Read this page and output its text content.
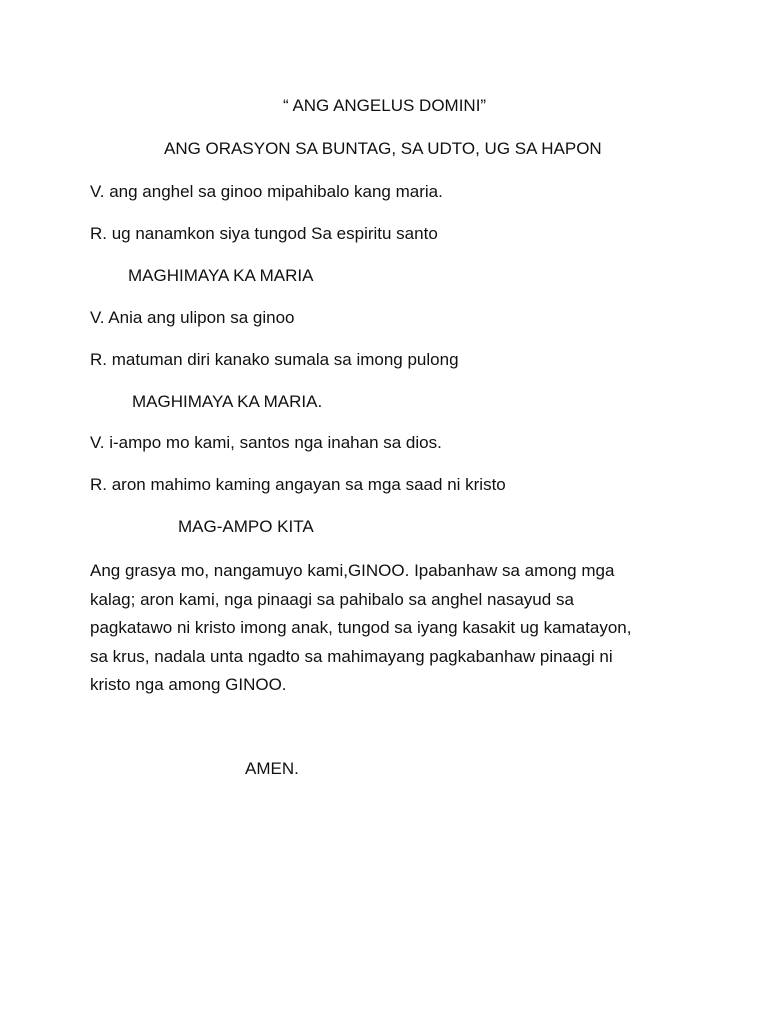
“ ANG ANGELUS DOMINI”
ANG ORASYON SA BUNTAG, SA UDTO, UG SA HAPON
V. ang anghel sa ginoo mipahibalo kang maria.
R. ug nanamkon siya tungod Sa espiritu santo
MAGHIMAYA KA MARIA
V. Ania ang ulipon sa ginoo
R. matuman diri kanako sumala sa imong pulong
MAGHIMAYA KA MARIA.
V. i-ampo mo kami, santos nga inahan sa dios.
R. aron mahimo kaming angayan sa mga saad ni kristo
MAG-AMPO KITA
Ang grasya mo, nangamuyo kami,GINOO. Ipabanhaw sa among mga
kalag; aron kami, nga pinaagi sa pahibalo sa anghel nasayud sa
pagkatawo ni kristo imong anak, tungod sa iyang kasakit ug kamatayon,
sa krus, nadala unta ngadto sa mahimayang pagkabanhaw pinaagi ni
kristo nga among GINOO.
AMEN.
